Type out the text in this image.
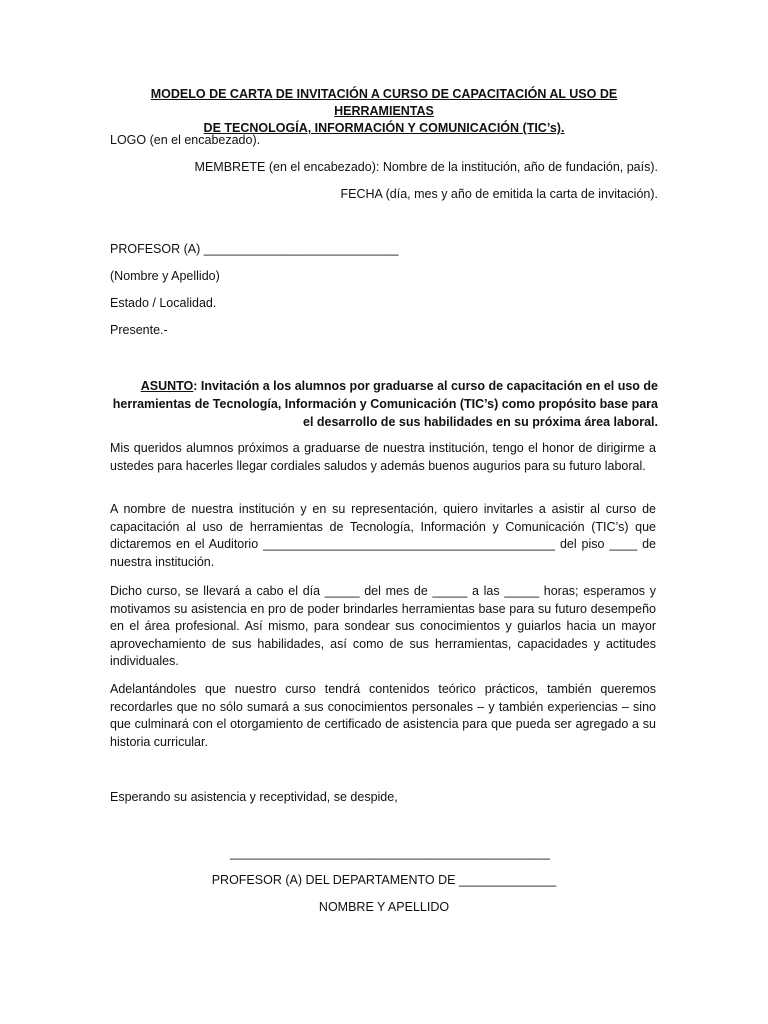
MODELO DE CARTA DE INVITACIÓN A CURSO DE CAPACITACIÓN AL USO DE HERRAMIENTAS
DE TECNOLOGÍA, INFORMACIÓN Y COMUNICACIÓN (TIC’s).
LOGO (en el encabezado).
MEMBRETE (en el encabezado): Nombre de la institución, año de fundación, país).
FECHA (día, mes y año de emitida la carta de invitación).
PROFESOR (A) ____________________________
(Nombre y Apellido)
Estado / Localidad.
Presente.-
ASUNTO: Invitación a los alumnos por graduarse al curso de capacitación en el uso de
herramientas de Tecnología, Información y Comunicación (TIC’s) como propósito base para
el desarrollo de sus habilidades en su próxima área laboral.

Mis queridos alumnos próximos a graduarse de nuestra institución, tengo el honor de dirigirme a ustedes para hacerles llegar cordiales saludos y además buenos augurios para su futuro laboral.

A nombre de nuestra institución y en su representación, quiero invitarles a asistir al curso de capacitación al uso de herramientas de Tecnología, Información y Comunicación (TIC’s) que dictaremos en el Auditorio __________________________________________ del piso ____ de nuestra institución.

Dicho curso, se llevará a cabo el día _____ del mes de _____ a las _____ horas; esperamos y motivamos su asistencia en pro de poder brindarles herramientas base para su futuro desempeño en el área profesional. Así mismo, para sondear sus conocimientos y guiarlos hacia un mayor aprovechamiento de sus habilidades, así como de sus herramientas, capacidades y actitudes individuales.

Adelantándoles que nuestro curso tendrá contenidos teórico prácticos, también queremos recordarles que no sólo sumará a sus conocimientos personales – y también experiencias – sino que culminará con el otorgamiento de certificado de asistencia para que pueda ser agregado a su historia curricular.

Esperando su asistencia y receptividad, se despide,
______________________________________________
PROFESOR (A) DEL DEPARTAMENTO DE ______________
NOMBRE Y APELLIDO
